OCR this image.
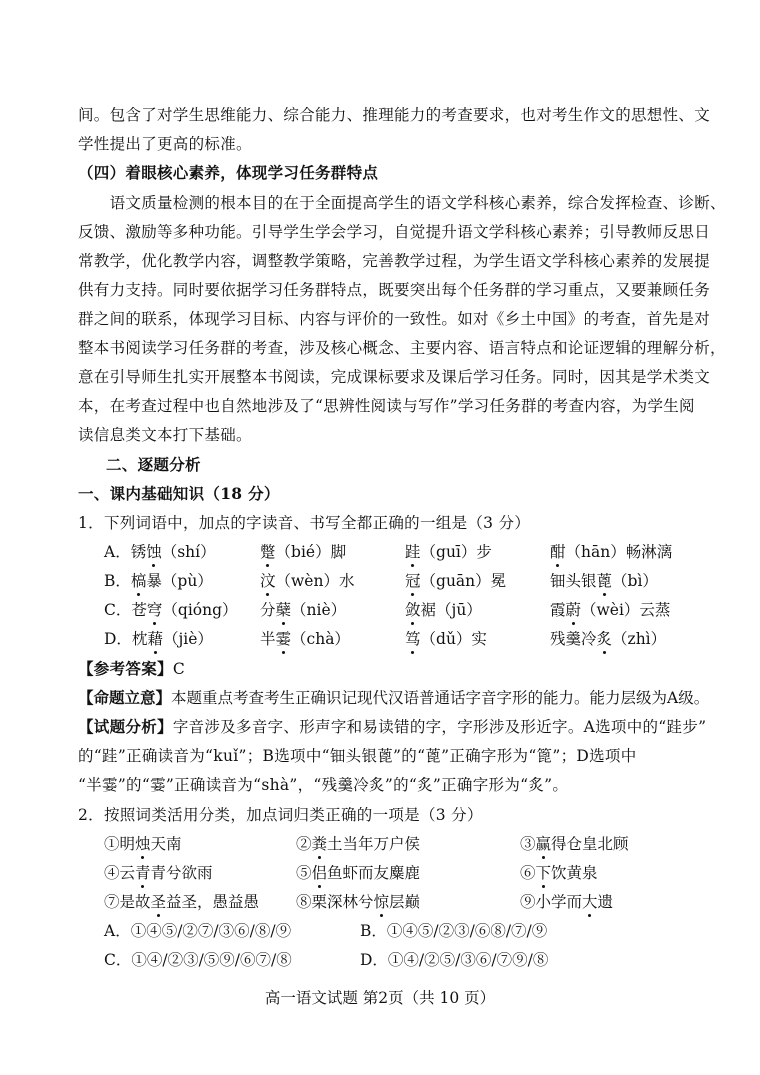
间。包含了对学生思维能力、综合能力、推理能力的考查要求，也对考生作文的思想性、文
学性提出了更高的标准。
（四）着眼核心素养，体现学习任务群特点
　　语文质量检测的根本目的在于全面提高学生的语文学科核心素养，综合发挥检查、诊断、
反馈、激励等多种功能。引导学生学会学习，自觉提升语文学科核心素养；引导教师反思日
常教学，优化教学内容，调整教学策略，完善教学过程，为学生语文学科核心素养的发展提
供有力支持。同时要依据学习任务群特点，既要突出每个任务群的学习重点，又要兼顾任务
群之间的联系，体现学习目标、内容与评价的一致性。如对《乡土中国》的考查，首先是对
整本书阅读学习任务群的考查，涉及核心概念、主要内容、语言特点和论证逻辑的理解分析，
意在引导师生扎实开展整本书阅读，完成课标要求及课后学习任务。同时，因其是学术类文
本，在考查过程中也自然地涉及了“思辨性阅读与写作”学习任务群的考查内容，为学生阅
读信息类文本打下基础。
二、逐题分析
一、课内基础知识（18 分）
1．下列词语中，加点的字读音、书写全都正确的一组是（3 分）
A．锈蚀（shí）	蹩（bié）脚	跬（guī）步	酣（hān）畅淋漓
B．槁暴（pù）	汶（wèn）水	冠（guān）冕	钿头银蓖（bì）
C．苍穹（qióng） 分蘖（niè）	敛裾（jū）	霞蔚（wèi）云蒸
D．枕藉（jiè）	半霎（chà）	笃（dǔ）实	残羹冷炙（zhì）
【参考答案】C
【命题立意】本题重点考查考生正确识记现代汉语普通话字音字形的能力。能力层级为A级。
【试题分析】字音涉及多音字、形声字和易读错的字，字形涉及形近字。A选项中的“跬步”
的“跬”正确读音为“kuǐ”；B选项中“钿头银蓖”的“蓖”正确字形为“篦”；D选项中
“半霎”的“霎”正确读音为“shà”，“残羹冷炙”的“炙”正确字形为“炙”。
2．按照词类活用分类，加点词归类正确的一项是（3 分）
①明烛天南	②粪土当年万户侯	③赢得仓皇北顾
④云青青兮欲雨	⑤侣鱼虾而友麋鹿	⑥下饮黄泉
⑦是故圣益圣，愚益愚 ⑧栗深林兮惊层巅	⑨小学而大遗
A．①④⑤/②⑦/③⑥/⑧/⑨	B．①④⑤/②③/⑥⑧/⑦/⑨
C．①④/②③/⑤⑨/⑥⑦/⑧	D．①④/②⑤/③⑥/⑦⑨/⑧
高一语文试题 第2页（共 10 页）
